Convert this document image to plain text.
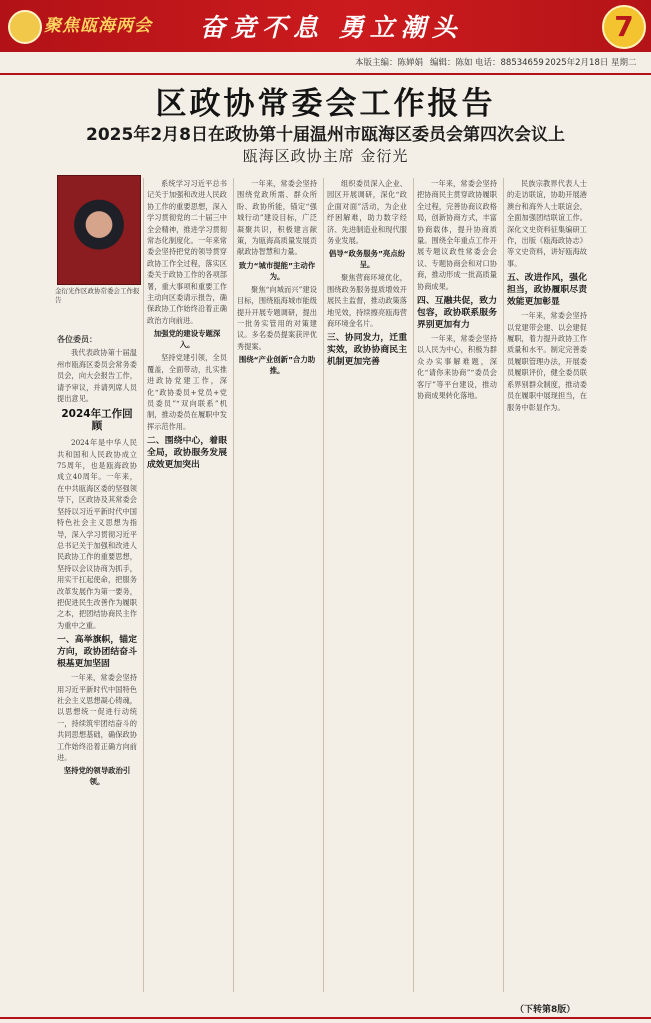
聚焦瓯海两会 奋竞不息 勇立潮头	7
本版主编：陈婵娟 编辑：陈如 电话：88534659 2025年2月18日 星期二
区政协常委会工作报告
2025年2月8日在政协第十届温州市瓯海区委员会第四次会议上
瓯海区政协主席 金衍光
金衍光作区政协常委会工作报告
各位委员：

我代表政协第十届温州市瓯海区委员会常务委员会，向大会报告工作，请予审议，并请列席人员提出意见。

2024年工作回顾

2024年是中华人民共和国和人民政协成立75周年，也是瓯海政协成立40周年。一年来，在中共瓯海区委的坚强领导下，区政协及其常委会坚持以习近平新时代中国特色社会主义思想为指导，深入学习贯彻习近平总书记关于加强和改进人民政协工作的重要思想，坚持以会议协商为抓手，用实干扛起使命，把服务改革发展作为第一要务，把促进民生改善作为履职之本，把团结协商民主作为重中之重。

一、高举旗帜，锚定方向，政协团结奋斗根基更加坚固

一年来，常委会坚持用习近平新时代中国特色社会主义思想凝心铸魂，以思想统一促进行动统一，持续筑牢团结奋斗的共同思想基础，确保政协工作始终沿着正确方向前进。

坚持党的领导政治引领。

系统学习习近平总书记关于加强和改进人民政协工作的重要思想，深入学习贯彻党的二十届三中全会精神，推进学习贯彻常态化制度化。一年来常委会坚持把党的领导贯穿政协工作全过程，落实区委关于政协工作的各项部署，重大事项和重要工作主动向区委请示报告，确保政协工作始终沿着正确政治方向前进。

加强党的建设专题深入。

坚持党建引领，全员覆盖，全面带动，扎实推进政协党建工作，深化“政协委员+党员+党员委员”“双向联系”机制，推动委员在履职中发挥示范作用。

二、围绕中心，着眼全局，政协服务发展成效更加突出

一年来，常委会坚持围绕党政所需、群众所盼、政协所能，锚定“强城行动”建设目标，广泛凝聚共识，积极建言献策，为瓯海高质量发展贡献政协智慧和力量。

致力“城市提能”主动作为。

聚焦“向城而兴”建设目标，围绕瓯海城市能级提升开展专题调研，提出一批务实管用的对策建议。多名委员提案获评优秀提案。

围绕“产业创新”合力助推。

组织委员深入企业、园区开展调研，深化“政企面对面”活动，为企业纾困解难，助力数字经济、先进制造业和现代服务业发展。

倡导“政务服务”亮点纷呈。

聚焦营商环境优化，围绕政务服务提质增效开展民主监督，推动政策落地见效，持续擦亮瓯海营商环境金名片。

三、协同发力，迁重实效，政协协商民主机制更加完善

一年来，常委会坚持把协商民主贯穿政协履职全过程，完善协商议政格局，创新协商方式，丰富协商载体，提升协商质量。围绕全年重点工作开展专题议政性常委会会议、专题协商会和对口协商，推动形成一批高质量协商成果。

四、互融共促，致力包容，政协联系服务界别更加有力

一年来，常委会坚持以人民为中心，积极为群众办实事解难题，深化“请你来协商”“委员会客厅”等平台建设，推动协商成果转化落地。

民族宗教界代表人士的走访联谊，协助开展港澳台和海外人士联谊会，全面加强团结联谊工作。深化文史资料征集编研工作，出版《瓯海政协志》等文史资料，讲好瓯海故事。

五、改进作风，强化担当，政协履职尽责效能更加彰显

一年来，常委会坚持以党建带会建、以会建促履职，着力提升政协工作质量和水平。制定完善委员履职管理办法，开展委员履职评价，健全委员联系界别群众制度，推动委员在履职中展现担当，在服务中彰显作为。

（下转第8版）
